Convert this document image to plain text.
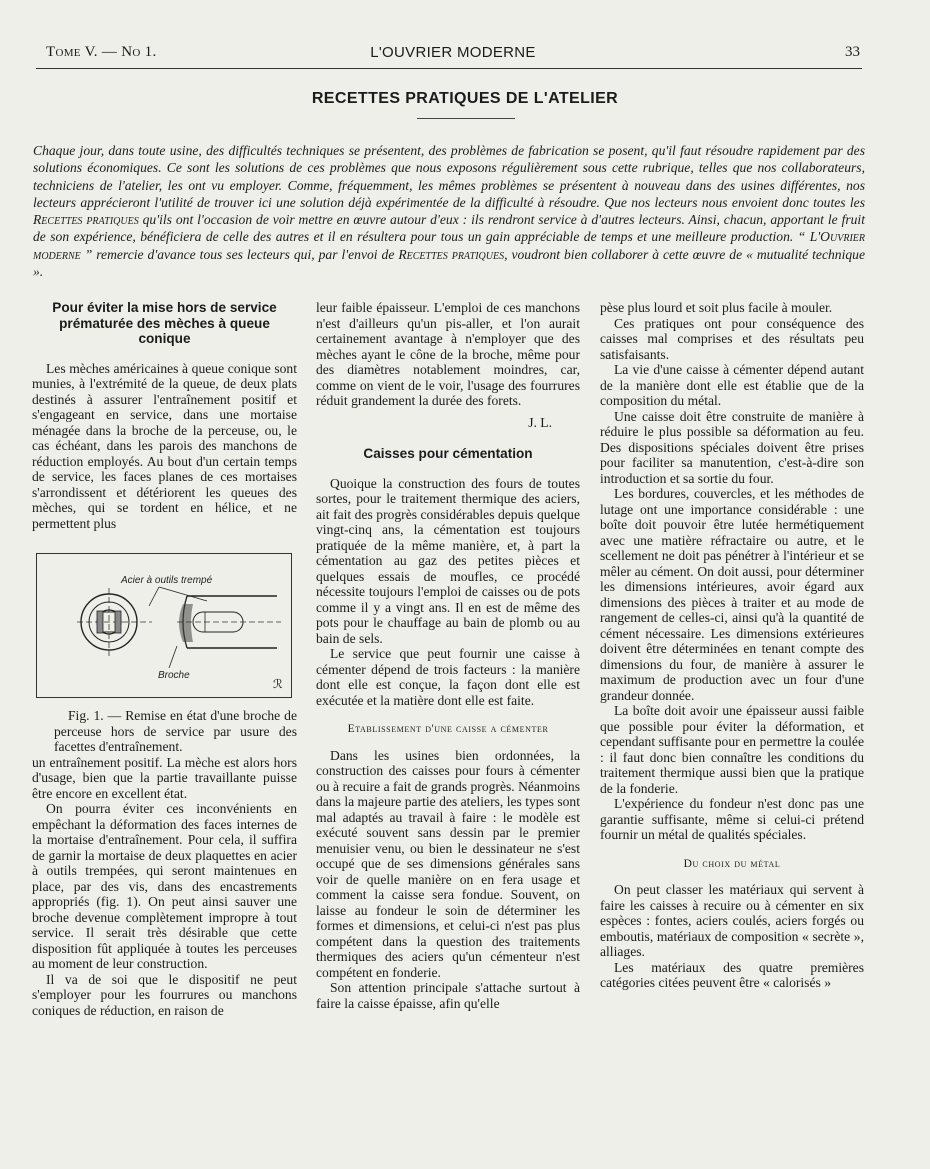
Tome V. — No 1.	L'OUVRIER MODERNE	33
RECETTES PRATIQUES DE L'ATELIER
Chaque jour, dans toute usine, des difficultés techniques se présentent, des problèmes de fabrication se posent, qu'il faut résoudre rapidement par des solutions économiques. Ce sont les solutions de ces problèmes que nous exposons régulièrement sous cette rubrique, telles que nos collaborateurs, techniciens de l'atelier, les ont vu employer. Comme, fréquemment, les mêmes problèmes se présentent à nouveau dans des usines différentes, nos lecteurs apprécieront l'utilité de trouver ici une solution déjà expérimentée de la difficulté à résoudre. Que nos lecteurs nous envoient donc toutes les Recettes pratiques qu'ils ont l'occasion de voir mettre en œuvre autour d'eux : ils rendront service à d'autres lecteurs. Ainsi, chacun, apportant le fruit de son expérience, bénéficiera de celle des autres et il en résultera pour tous un gain appréciable de temps et une meilleure production. “ L'Ouvrier moderne ” remercie d'avance tous ses lecteurs qui, par l'envoi de Recettes pratiques, voudront bien collaborer à cette œuvre de « mutualité technique ».
Pour éviter la mise hors de service prématurée des mèches à queue conique

Les mèches américaines à queue conique sont munies, à l'extrémité de la queue, de deux plats destinés à assurer l'entraînement positif et s'engageant en service, dans une mortaise ménagée dans la broche de la perceuse, ou, le cas échéant, dans les parois des manchons de réduction employés. Au bout d'un certain temps de service, les faces planes de ces mortaises s'arrondissent et détériorent les queues des mèches, qui se tordent en hélice, et ne permettent plus

Acier à outils trempé
Broche
ℛ

Fig. 1. — Remise en état d'une broche de perceuse hors de service par usure des facettes d'entraînement.

un entraînement positif. La mèche est alors hors d'usage, bien que la partie travaillante puisse être encore en excellent état.

On pourra éviter ces inconvénients en empêchant la déformation des faces internes de la mortaise d'entraînement. Pour cela, il suffira de garnir la mortaise de deux plaquettes en acier à outils trempées, qui seront maintenues en place, par des vis, dans des encastrements appropriés (fig. 1). On peut ainsi sauver une broche devenue complètement impropre à tout service. Il serait très désirable que cette disposition fût appliquée à toutes les perceuses au moment de leur construction.

Il va de soi que le dispositif ne peut s'employer pour les fourrures ou manchons coniques de réduction, en raison de

leur faible épaisseur. L'emploi de ces manchons n'est d'ailleurs qu'un pis-aller, et l'on aurait certainement avantage à n'employer que des mèches ayant le cône de la broche, même pour des diamètres notablement moindres, car, comme on vient de le voir, l'usage des fourrures réduit grandement la durée des forets.

J. L.
Caisses pour cémentation

Quoique la construction des fours de toutes sortes, pour le traitement thermique des aciers, ait fait des progrès considérables depuis quelque vingt-cinq ans, la cémentation est toujours pratiquée de la même manière, et, à part la cémentation au gaz des petites pièces et quelques essais de moufles, ce procédé nécessite toujours l'emploi de caisses ou de pots comme il y a vingt ans. Il en est de même des pots pour le chauffage au bain de plomb ou au bain de sels.

Le service que peut fournir une caisse à cémenter dépend de trois facteurs : la manière dont elle est conçue, la façon dont elle est exécutée et la matière dont elle est faite.

Etablissement d'une caisse a cémenter

Dans les usines bien ordonnées, la construction des caisses pour fours à cémenter ou à recuire a fait de grands progrès. Néanmoins dans la majeure partie des ateliers, les types sont mal adaptés au travail à faire : le modèle est exécuté souvent sans dessin par le premier menuisier venu, ou bien le dessinateur ne s'est occupé que de ses dimensions générales sans voir de quelle manière on en fera usage et comment la caisse sera fondue. Souvent, on laisse au fondeur le soin de déterminer les formes et dimensions, et celui-ci n'est pas plus compétent dans la question des traitements thermiques des aciers qu'un cémenteur n'est compétent en fonderie.

Son attention principale s'attache surtout à faire la caisse épaisse, afin qu'elle

pèse plus lourd et soit plus facile à mouler.

Ces pratiques ont pour conséquence des caisses mal comprises et des résultats peu satisfaisants.

La vie d'une caisse à cémenter dépend autant de la manière dont elle est établie que de la composition du métal.

Une caisse doit être construite de manière à réduire le plus possible sa déformation au feu. Des dispositions spéciales doivent être prises pour faciliter sa manutention, c'est-à-dire son introduction et sa sortie du four.

Les bordures, couvercles, et les méthodes de lutage ont une importance considérable : une boîte doit pouvoir être lutée hermétiquement avec une matière réfractaire ou autre, et le scellement ne doit pas pénétrer à l'intérieur et se mêler au cément. On doit aussi, pour déterminer les dimensions intérieures, avoir égard aux dimensions des pièces à traiter et au mode de rangement de celles-ci, ainsi qu'à la quantité de cément nécessaire. Les dimensions extérieures doivent être déterminées en tenant compte des dimensions du four, de manière à assurer le maximum de production avec un four d'une grandeur donnée.

La boîte doit avoir une épaisseur aussi faible que possible pour éviter la déformation, et cependant suffisante pour en permettre la coulée : il faut donc bien connaître les conditions du traitement thermique aussi bien que la pratique de la fonderie.

L'expérience du fondeur n'est donc pas une garantie suffisante, même si celui-ci prétend fournir un métal de qualités spéciales.

Du choix du métal

On peut classer les matériaux qui servent à faire les caisses à recuire ou à cémenter en six espèces : fontes, aciers coulés, aciers forgés ou emboutis, matériaux de composition « secrète », alliages.

Les matériaux des quatre premières catégories citées peuvent être « calorisés »
